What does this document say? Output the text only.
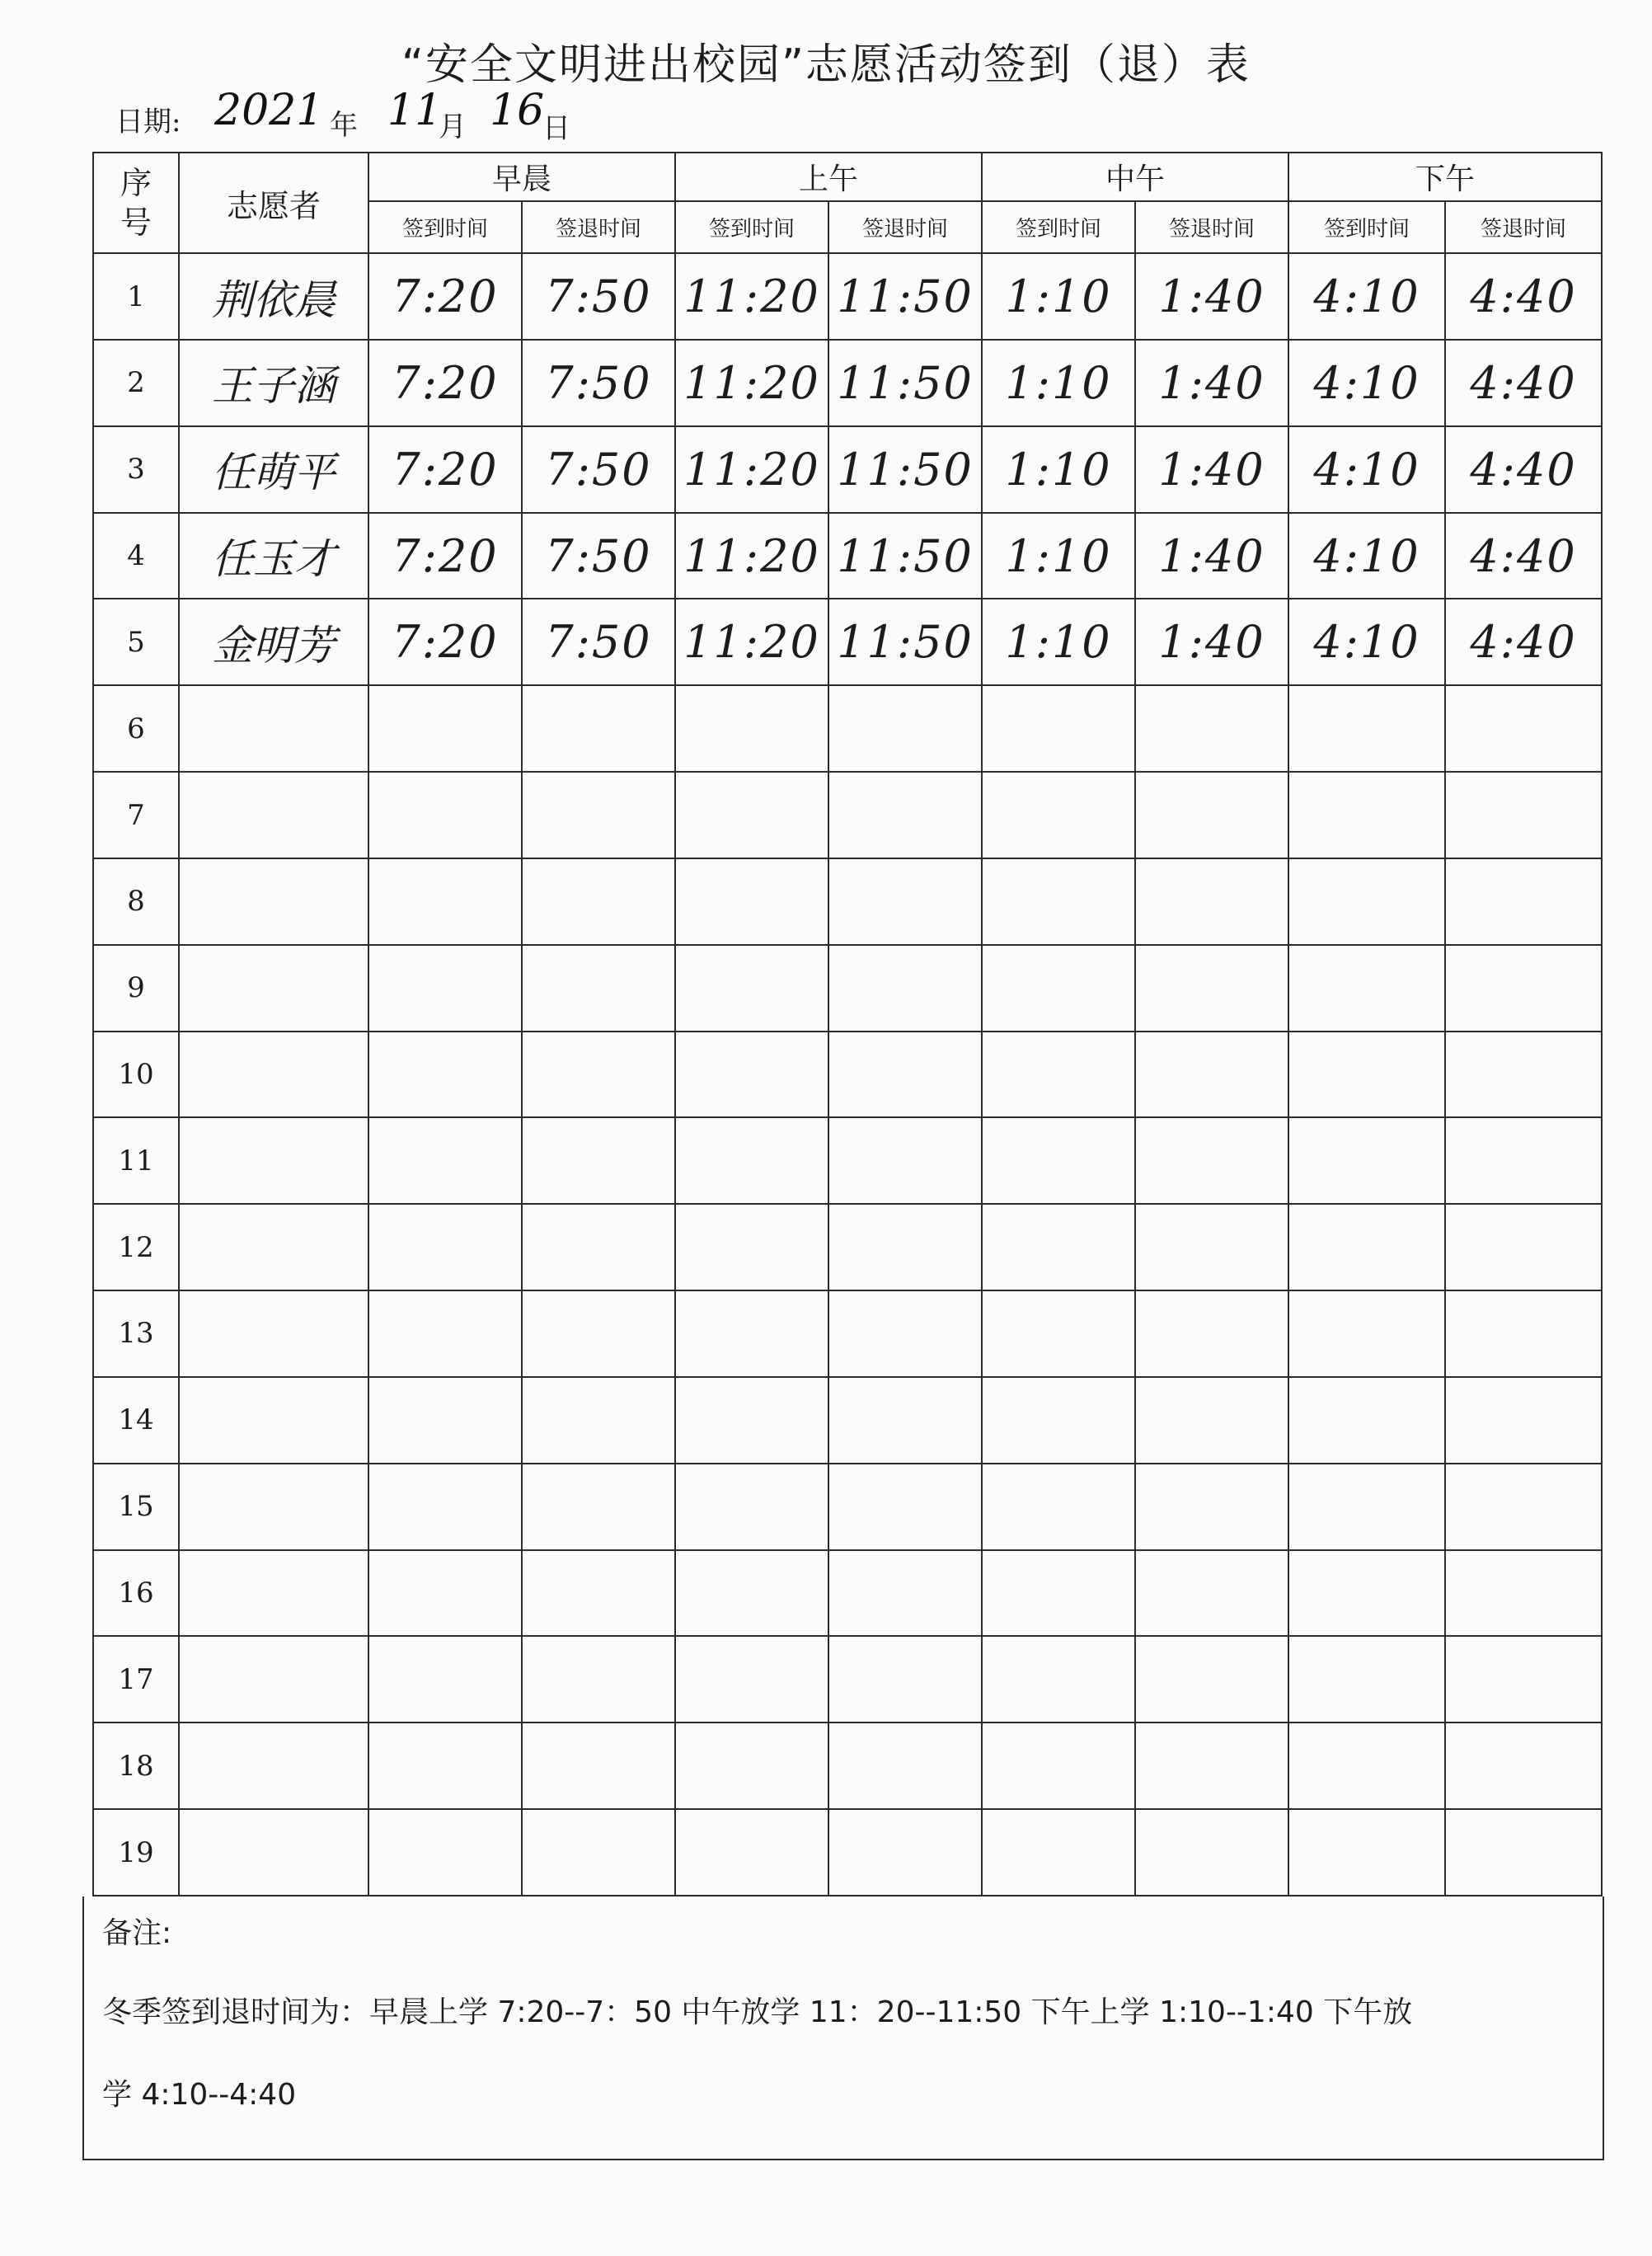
“安全文明进出校园”志愿活动签到（退）表
日期: 2021 年 11
月 16
日
序号	志愿者	早晨		上午		中午		下午	
		签到时间	签退时间	签到时间	签退时间	签到时间	签退时间	签到时间	签退时间
1	荆依晨	7:20	7:50	11:20	11:50	1:10	1:40	4:10	4:40
2	王子涵	7:20	7:50	11:20	11:50	1:10	1:40	4:10	4:40
3	任萌平	7:20	7:50	11:20	11:50	1:10	1:40	4:10	4:40
4	任玉才	7:20	7:50	11:20	11:50	1:10	1:40	4:10	4:40
5	金明芳	7:20	7:50	11:20	11:50	1:10	1:40	4:10	4:40
6									
7									
8									
9									
10									
11									
12									
13									
14									
15									
16									
17									
18									
19									
备注:
冬季签到退时间为：早晨上学 7:20--7：50 中午放学 11：20--11:50 下午上学 1:10--1:40 下午放
学 4:10--4:40
